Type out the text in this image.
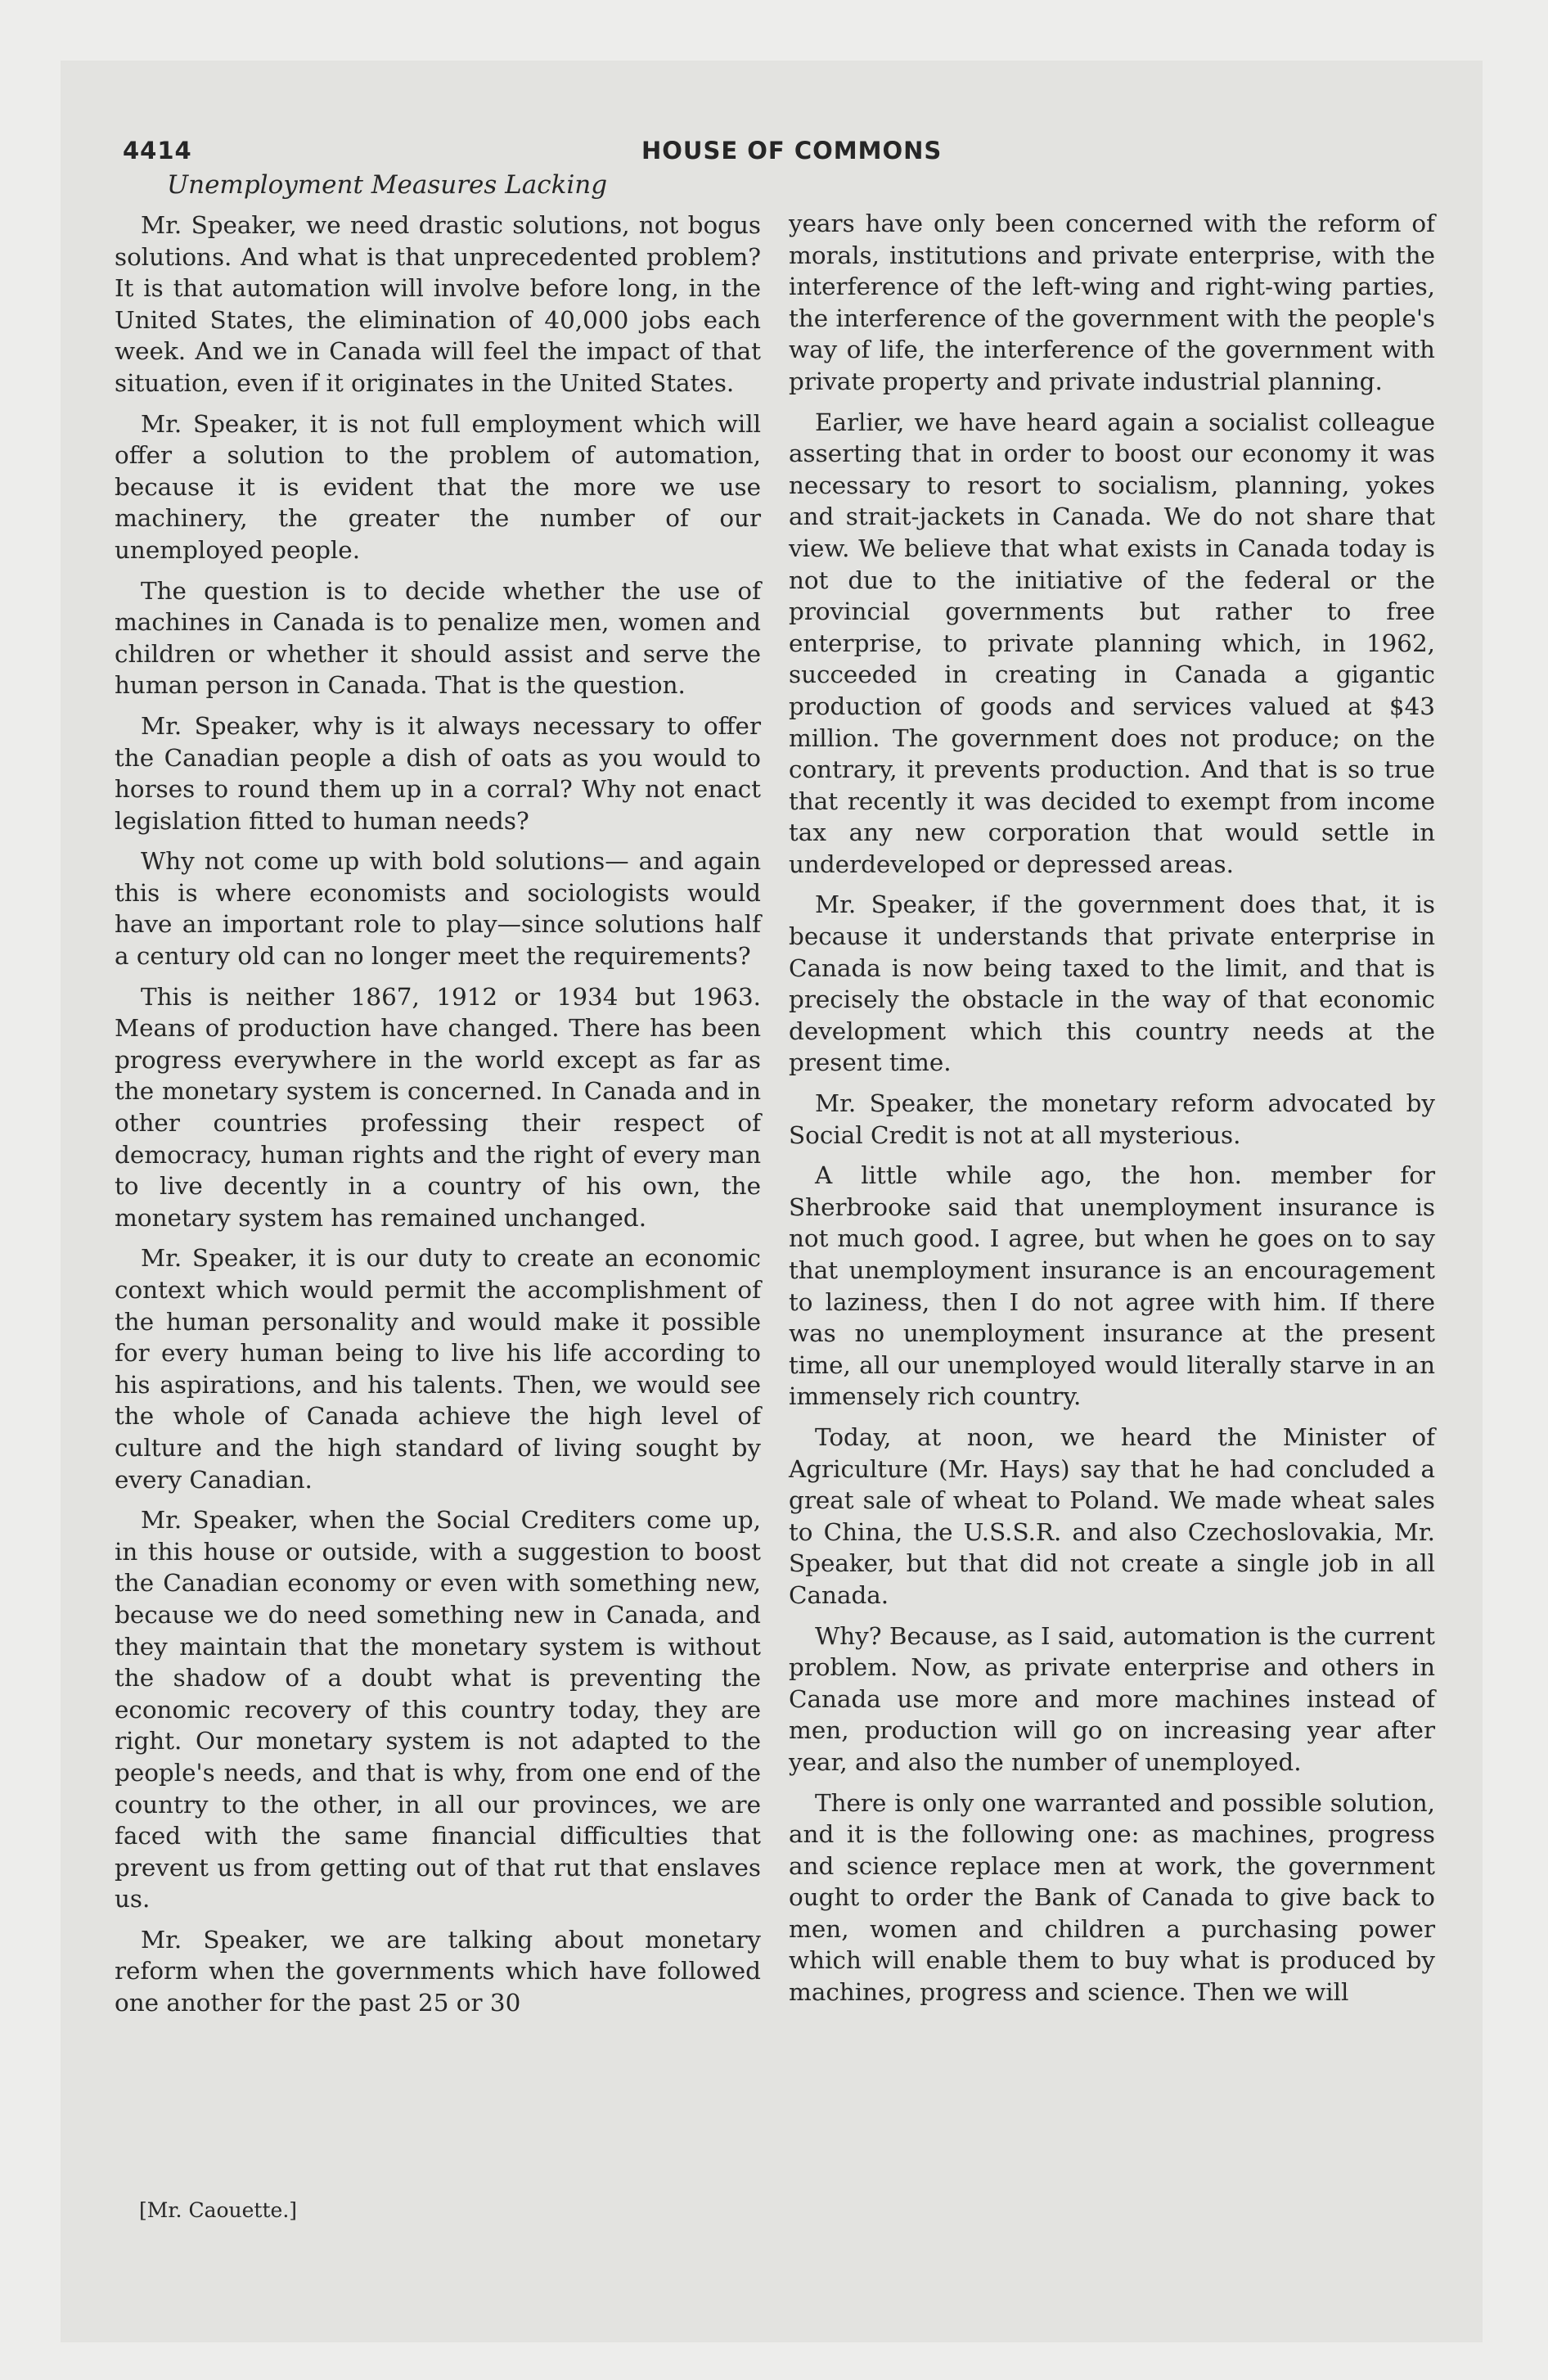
4414	HOUSE OF COMMONS
Unemployment Measures Lacking

Mr. Speaker, we need drastic solutions, not bogus solutions. And what is that unprecedented problem? It is that automation will involve before long, in the United States, the elimination of 40,000 jobs each week. And we in Canada will feel the impact of that situation, even if it originates in the United States.

Mr. Speaker, it is not full employment which will offer a solution to the problem of automation, because it is evident that the more we use machinery, the greater the number of our unemployed people.

The question is to decide whether the use of machines in Canada is to penalize men, women and children or whether it should assist and serve the human person in Canada. That is the question.

Mr. Speaker, why is it always necessary to offer the Canadian people a dish of oats as you would to horses to round them up in a corral? Why not enact legislation fitted to human needs?

Why not come up with bold solutions— and again this is where economists and sociologists would have an important role to play—since solutions half a century old can no longer meet the requirements?

This is neither 1867, 1912 or 1934 but 1963. Means of production have changed. There has been progress everywhere in the world except as far as the monetary system is concerned. In Canada and in other countries professing their respect of democracy, human rights and the right of every man to live decently in a country of his own, the monetary system has remained unchanged.

Mr. Speaker, it is our duty to create an economic context which would permit the accomplishment of the human personality and would make it possible for every human being to live his life according to his aspirations, and his talents. Then, we would see the whole of Canada achieve the high level of culture and the high standard of living sought by every Canadian.

Mr. Speaker, when the Social Crediters come up, in this house or outside, with a suggestion to boost the Canadian economy or even with something new, because we do need something new in Canada, and they maintain that the monetary system is without the shadow of a doubt what is preventing the economic recovery of this country today, they are right. Our monetary system is not adapted to the people's needs, and that is why, from one end of the country to the other, in all our provinces, we are faced with the same financial difficulties that prevent us from getting out of that rut that enslaves us.

Mr. Speaker, we are talking about monetary reform when the governments which have followed one another for the past 25 or 30

years have only been concerned with the reform of morals, institutions and private enterprise, with the interference of the left-wing and right-wing parties, the interference of the government with the people's way of life, the interference of the government with private property and private industrial planning.

Earlier, we have heard again a socialist colleague asserting that in order to boost our economy it was necessary to resort to socialism, planning, yokes and strait-jackets in Canada. We do not share that view. We believe that what exists in Canada today is not due to the initiative of the federal or the provincial governments but rather to free enterprise, to private planning which, in 1962, succeeded in creating in Canada a gigantic production of goods and services valued at $43 million. The government does not produce; on the contrary, it prevents production. And that is so true that recently it was decided to exempt from income tax any new corporation that would settle in underdeveloped or depressed areas.

Mr. Speaker, if the government does that, it is because it understands that private enterprise in Canada is now being taxed to the limit, and that is precisely the obstacle in the way of that economic development which this country needs at the present time.

Mr. Speaker, the monetary reform advocated by Social Credit is not at all mysterious.

A little while ago, the hon. member for Sherbrooke said that unemployment insurance is not much good. I agree, but when he goes on to say that unemployment insurance is an encouragement to laziness, then I do not agree with him. If there was no unemployment insurance at the present time, all our unemployed would literally starve in an immensely rich country.

Today, at noon, we heard the Minister of Agriculture (Mr. Hays) say that he had concluded a great sale of wheat to Poland. We made wheat sales to China, the U.S.S.R. and also Czechoslovakia, Mr. Speaker, but that did not create a single job in all Canada.

Why? Because, as I said, automation is the current problem. Now, as private enterprise and others in Canada use more and more machines instead of men, production will go on increasing year after year, and also the number of unemployed.

There is only one warranted and possible solution, and it is the following one: as machines, progress and science replace men at work, the government ought to order the Bank of Canada to give back to men, women and children a purchasing power which will enable them to buy what is produced by machines, progress and science. Then we will

[Mr. Caouette.]
